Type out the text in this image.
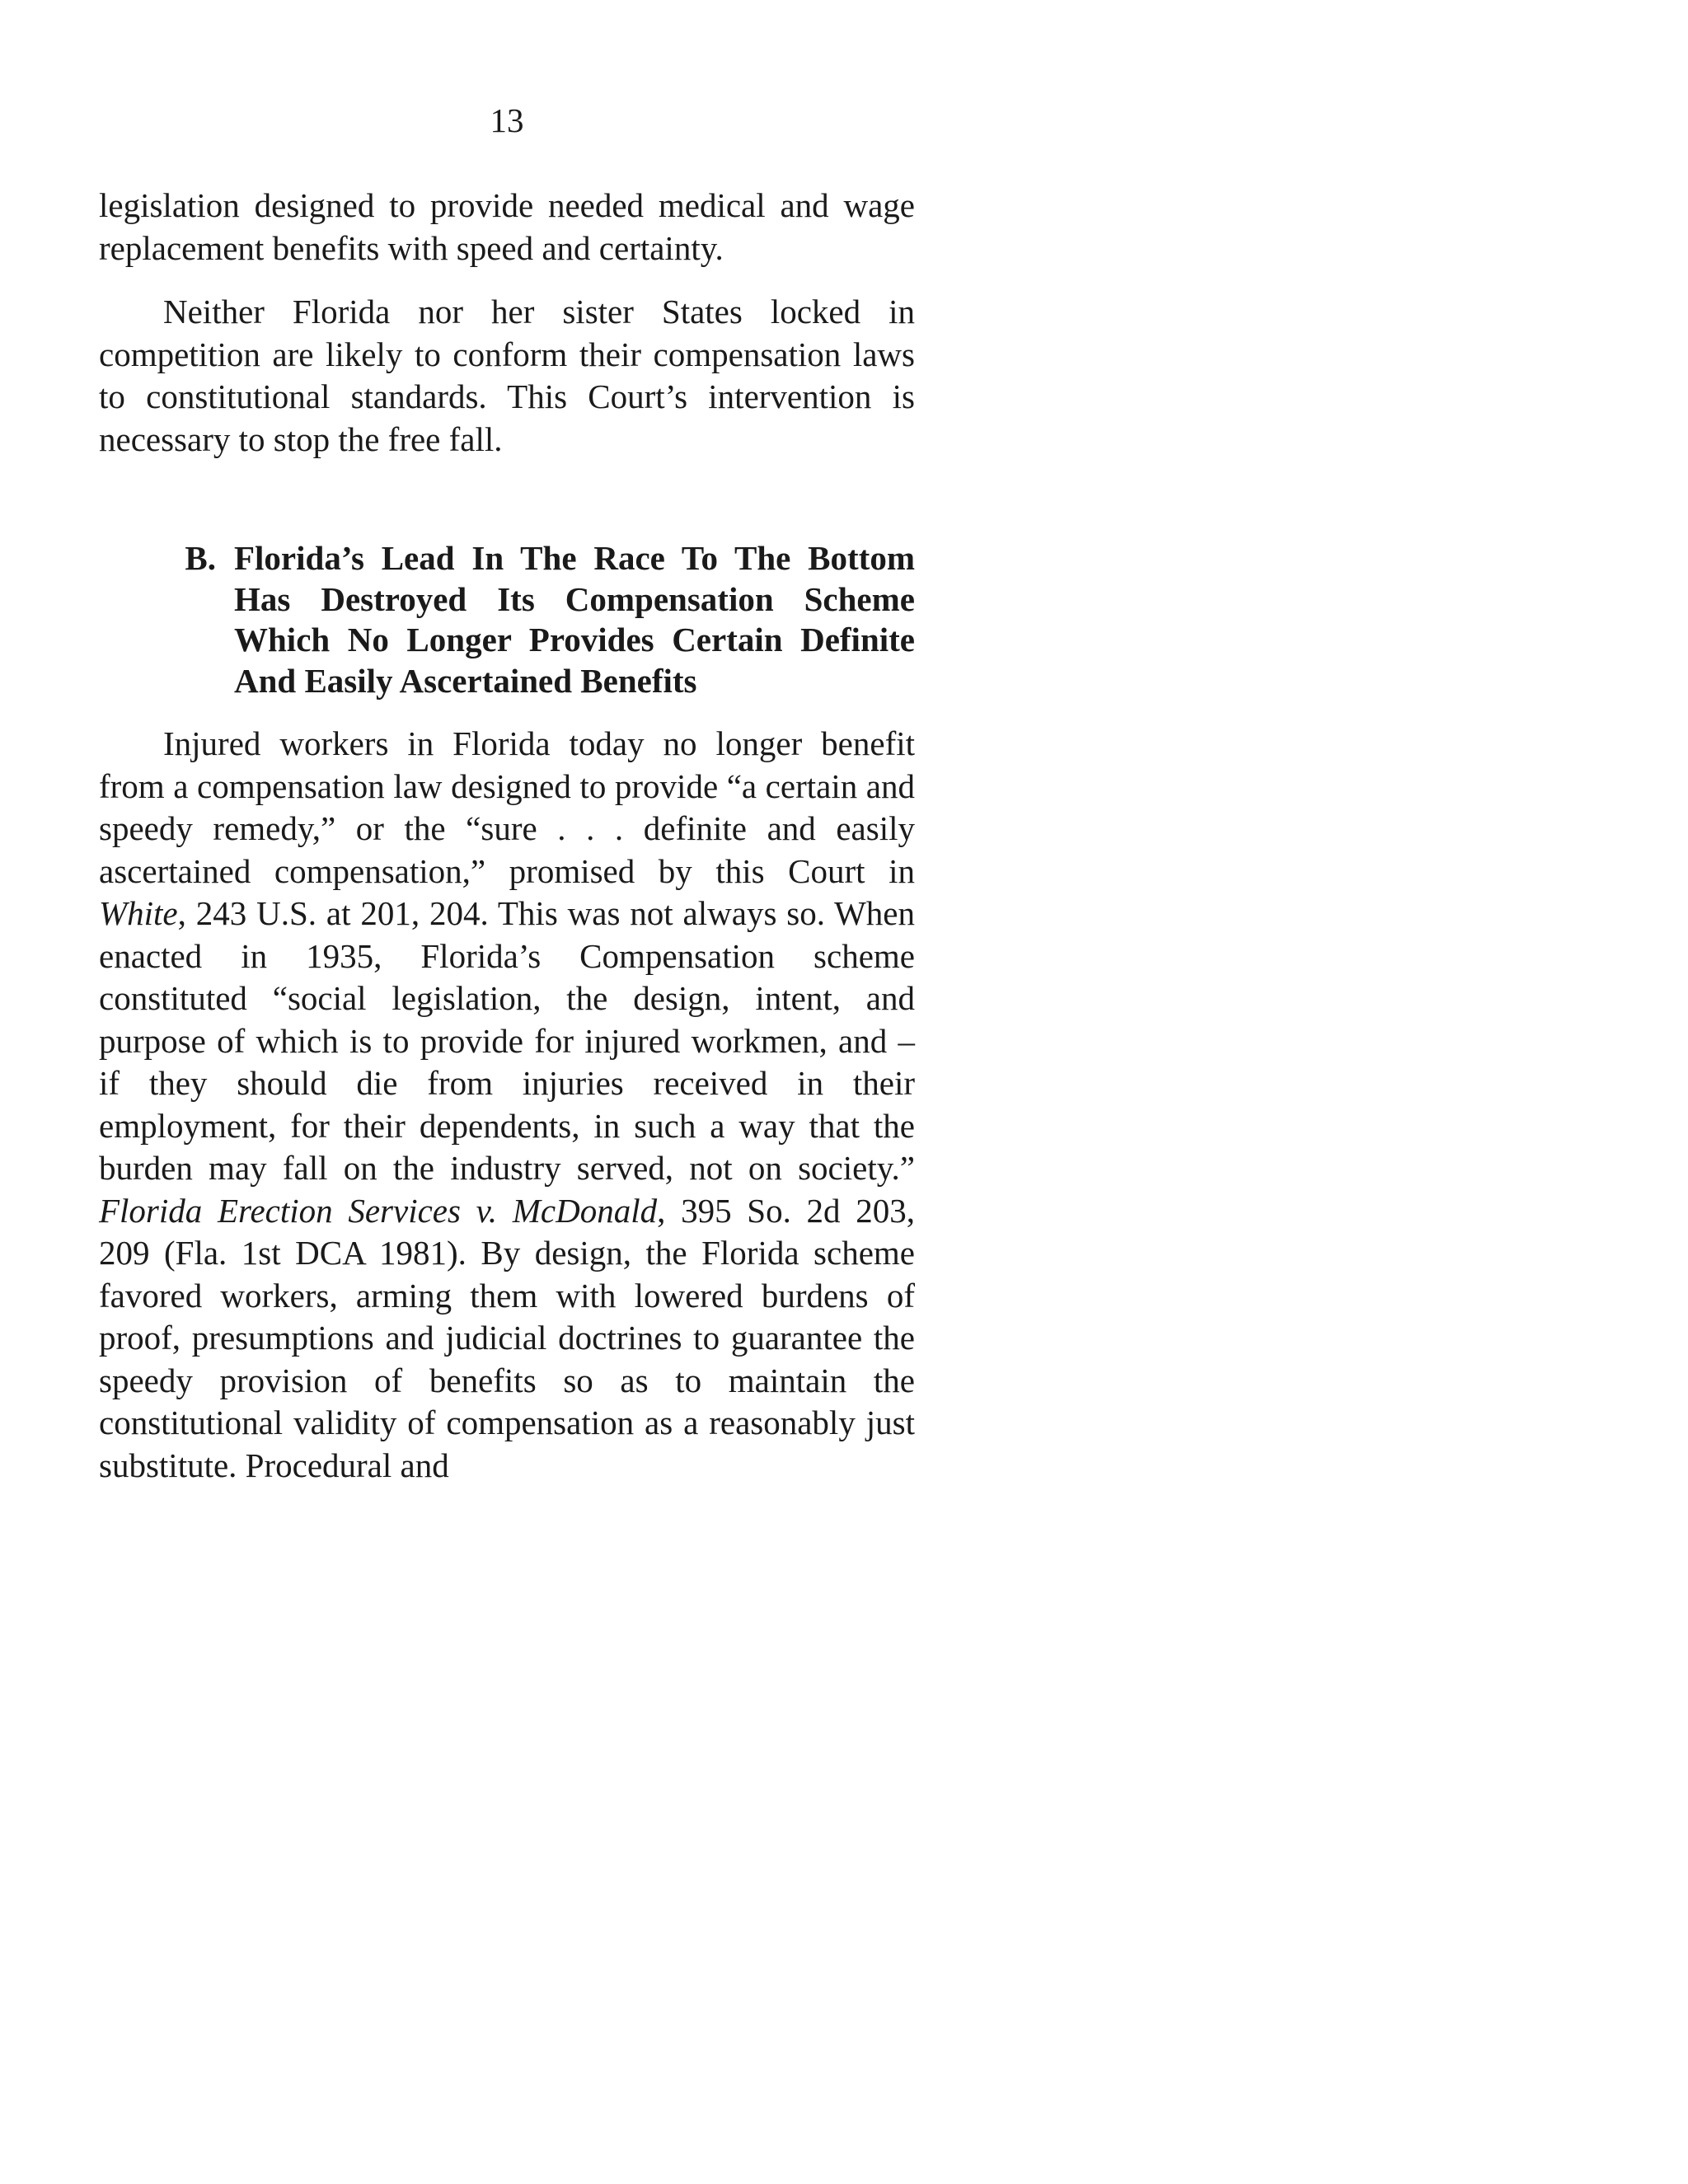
13

legislation designed to provide needed medical and wage replacement benefits with speed and certainty.

Neither Florida nor her sister States locked in competition are likely to conform their compensation laws to constitutional standards. This Court’s intervention is necessary to stop the free fall.

B. Florida’s Lead In The Race To The Bottom Has Destroyed Its Compensation Scheme Which No Longer Provides Certain Definite And Easily Ascertained Benefits

Injured workers in Florida today no longer benefit from a compensation law designed to provide “a certain and speedy remedy,” or the “sure . . . definite and easily ascertained compensation,” promised by this Court in White, 243 U.S. at 201, 204. This was not always so. When enacted in 1935, Florida’s Compensation scheme constituted “social legislation, the design, intent, and purpose of which is to provide for injured workmen, and – if they should die from injuries received in their employment, for their dependents, in such a way that the burden may fall on the industry served, not on society.” Florida Erection Services v. McDonald, 395 So. 2d 203, 209 (Fla. 1st DCA 1981). By design, the Florida scheme favored workers, arming them with lowered burdens of proof, presumptions and judicial doctrines to guarantee the speedy provision of benefits so as to maintain the constitutional validity of compensation as a reasonably just substitute. Procedural and
